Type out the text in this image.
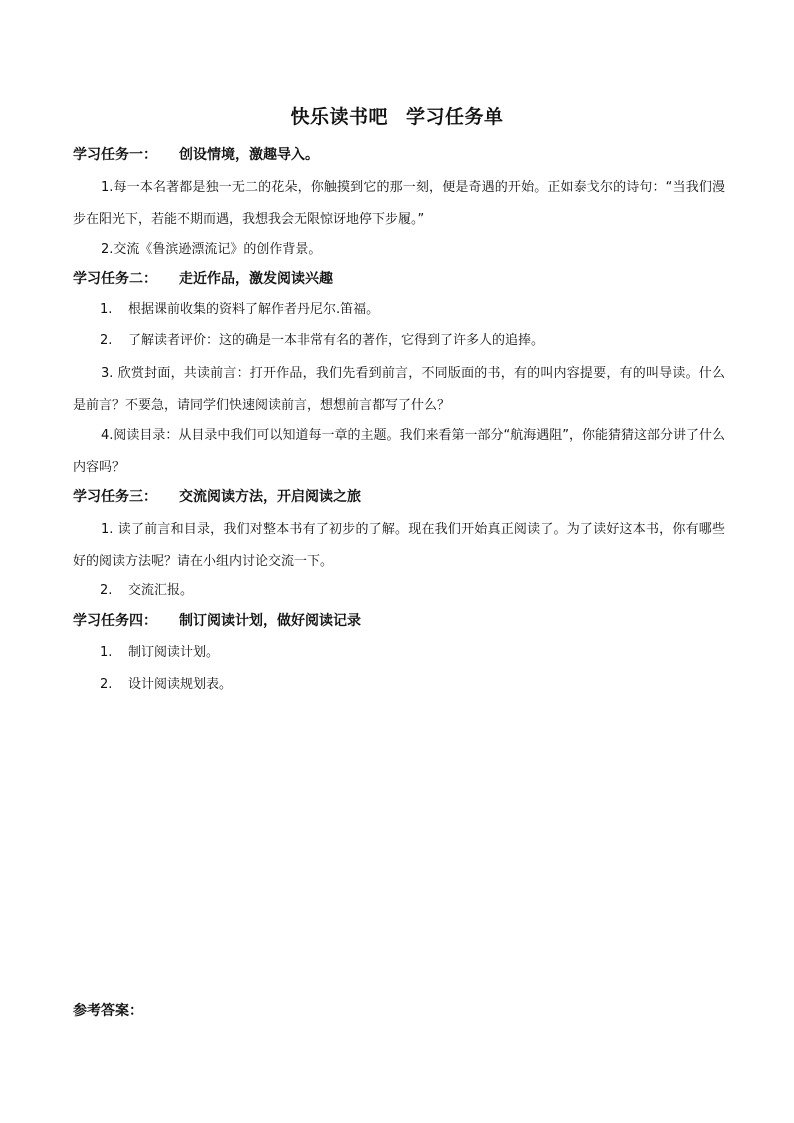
快乐读书吧 学习任务单
学习任务一： 创设情境，激趣导入。
1.每一本名著都是独一无二的花朵，你触摸到它的那一刻，便是奇遇的开始。正如泰戈尔的诗句：“当我们漫步在阳光下，若能不期而遇，我想我会无限惊讶地停下步履。”
2.交流《鲁滨逊漂流记》的创作背景。
学习任务二： 走近作品，激发阅读兴趣
1. 根据课前收集的资料了解作者丹尼尔.笛福。
2. 了解读者评价：这的确是一本非常有名的著作，它得到了许多人的追捧。
3. 欣赏封面，共读前言：打开作品，我们先看到前言，不同版面的书，有的叫内容提要，有的叫导读。什么是前言？不要急，请同学们快速阅读前言，想想前言都写了什么？
4.阅读目录：从目录中我们可以知道每一章的主题。我们来看第一部分“航海遇阻”，你能猜猜这部分讲了什么内容吗？
学习任务三： 交流阅读方法，开启阅读之旅
1. 读了前言和目录，我们对整本书有了初步的了解。现在我们开始真正阅读了。为了读好这本书，你有哪些好的阅读方法呢？请在小组内讨论交流一下。
2. 交流汇报。
学习任务四： 制订阅读计划，做好阅读记录
1. 制订阅读计划。
2. 设计阅读规划表。
参考答案：
